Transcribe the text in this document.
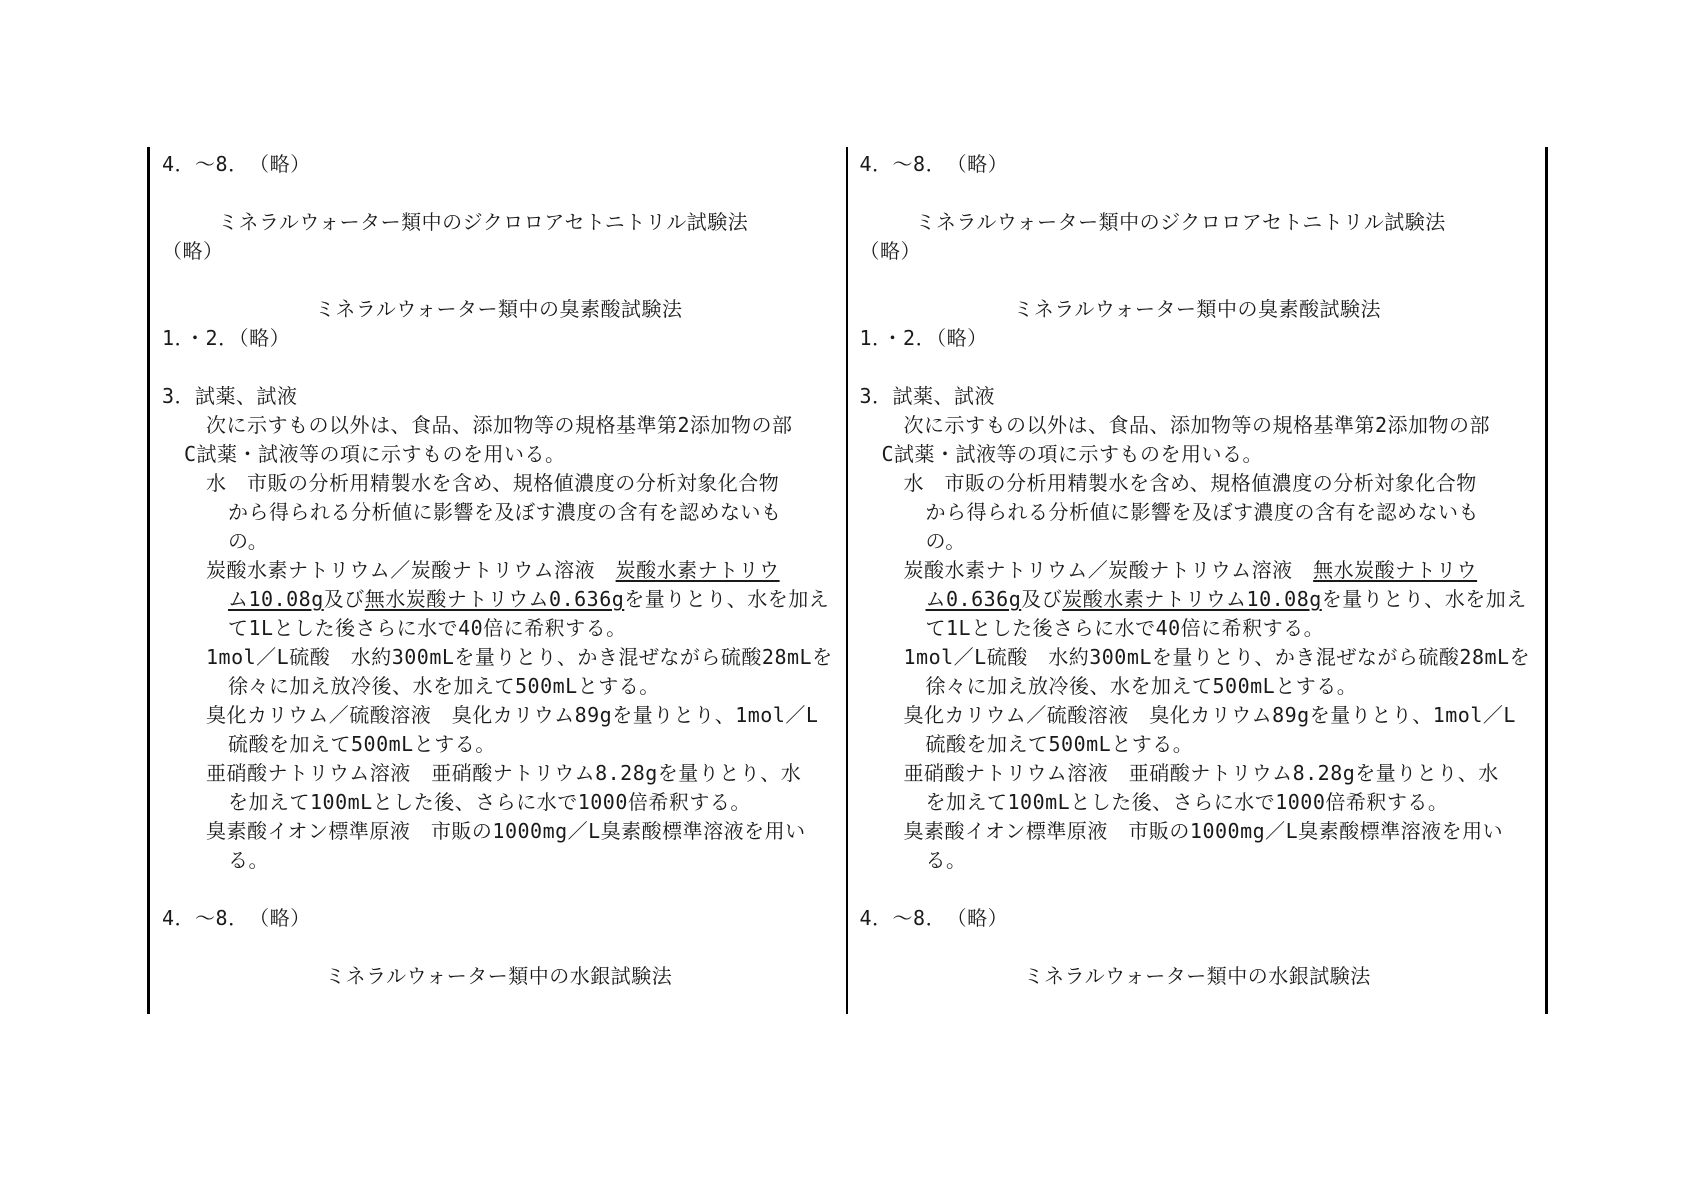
4．～8．　（略）
ミネラルウォーター類中のジクロロアセトニトリル試験法
（略）
ミネラルウォーター類中の臭素酸試験法
1．・2．（略）
3．試薬、試液
次に示すもの以外は、食品、添加物等の規格基準第2添加物の部
C試薬・試液等の項に示すものを用いる。
水　市販の分析用精製水を含め、規格値濃度の分析対象化合物
から得られる分析値に影響を及ぼす濃度の含有を認めないも
の。
炭酸水素ナトリウム／炭酸ナトリウム溶液　炭酸水素ナトリウ
ム10.08g及び無水炭酸ナトリウム0.636gを量りとり、水を加え
て1Lとした後さらに水で40倍に希釈する。
1mol／L硫酸　水約300mLを量りとり、かき混ぜながら硫酸28mLを
徐々に加え放冷後、水を加えて500mLとする。
臭化カリウム／硫酸溶液　臭化カリウム89gを量りとり、1mol／L
硫酸を加えて500mLとする。
亜硝酸ナトリウム溶液　亜硝酸ナトリウム8.28gを量りとり、水
を加えて100mLとした後、さらに水で1000倍希釈する。
臭素酸イオン標準原液　市販の1000mg／L臭素酸標準溶液を用い
る。
4．～8．　（略）
ミネラルウォーター類中の水銀試験法
4．～8．　（略）
ミネラルウォーター類中のジクロロアセトニトリル試験法
（略）
ミネラルウォーター類中の臭素酸試験法
1．・2．（略）
3．試薬、試液
次に示すもの以外は、食品、添加物等の規格基準第2添加物の部
C試薬・試液等の項に示すものを用いる。
水　市販の分析用精製水を含め、規格値濃度の分析対象化合物
から得られる分析値に影響を及ぼす濃度の含有を認めないも
の。
炭酸水素ナトリウム／炭酸ナトリウム溶液　無水炭酸ナトリウ
ム0.636g及び炭酸水素ナトリウム10.08gを量りとり、水を加え
て1Lとした後さらに水で40倍に希釈する。
1mol／L硫酸　水約300mLを量りとり、かき混ぜながら硫酸28mLを
徐々に加え放冷後、水を加えて500mLとする。
臭化カリウム／硫酸溶液　臭化カリウム89gを量りとり、1mol／L
硫酸を加えて500mLとする。
亜硝酸ナトリウム溶液　亜硝酸ナトリウム8.28gを量りとり、水
を加えて100mLとした後、さらに水で1000倍希釈する。
臭素酸イオン標準原液　市販の1000mg／L臭素酸標準溶液を用い
る。
4．～8．　（略）
ミネラルウォーター類中の水銀試験法
